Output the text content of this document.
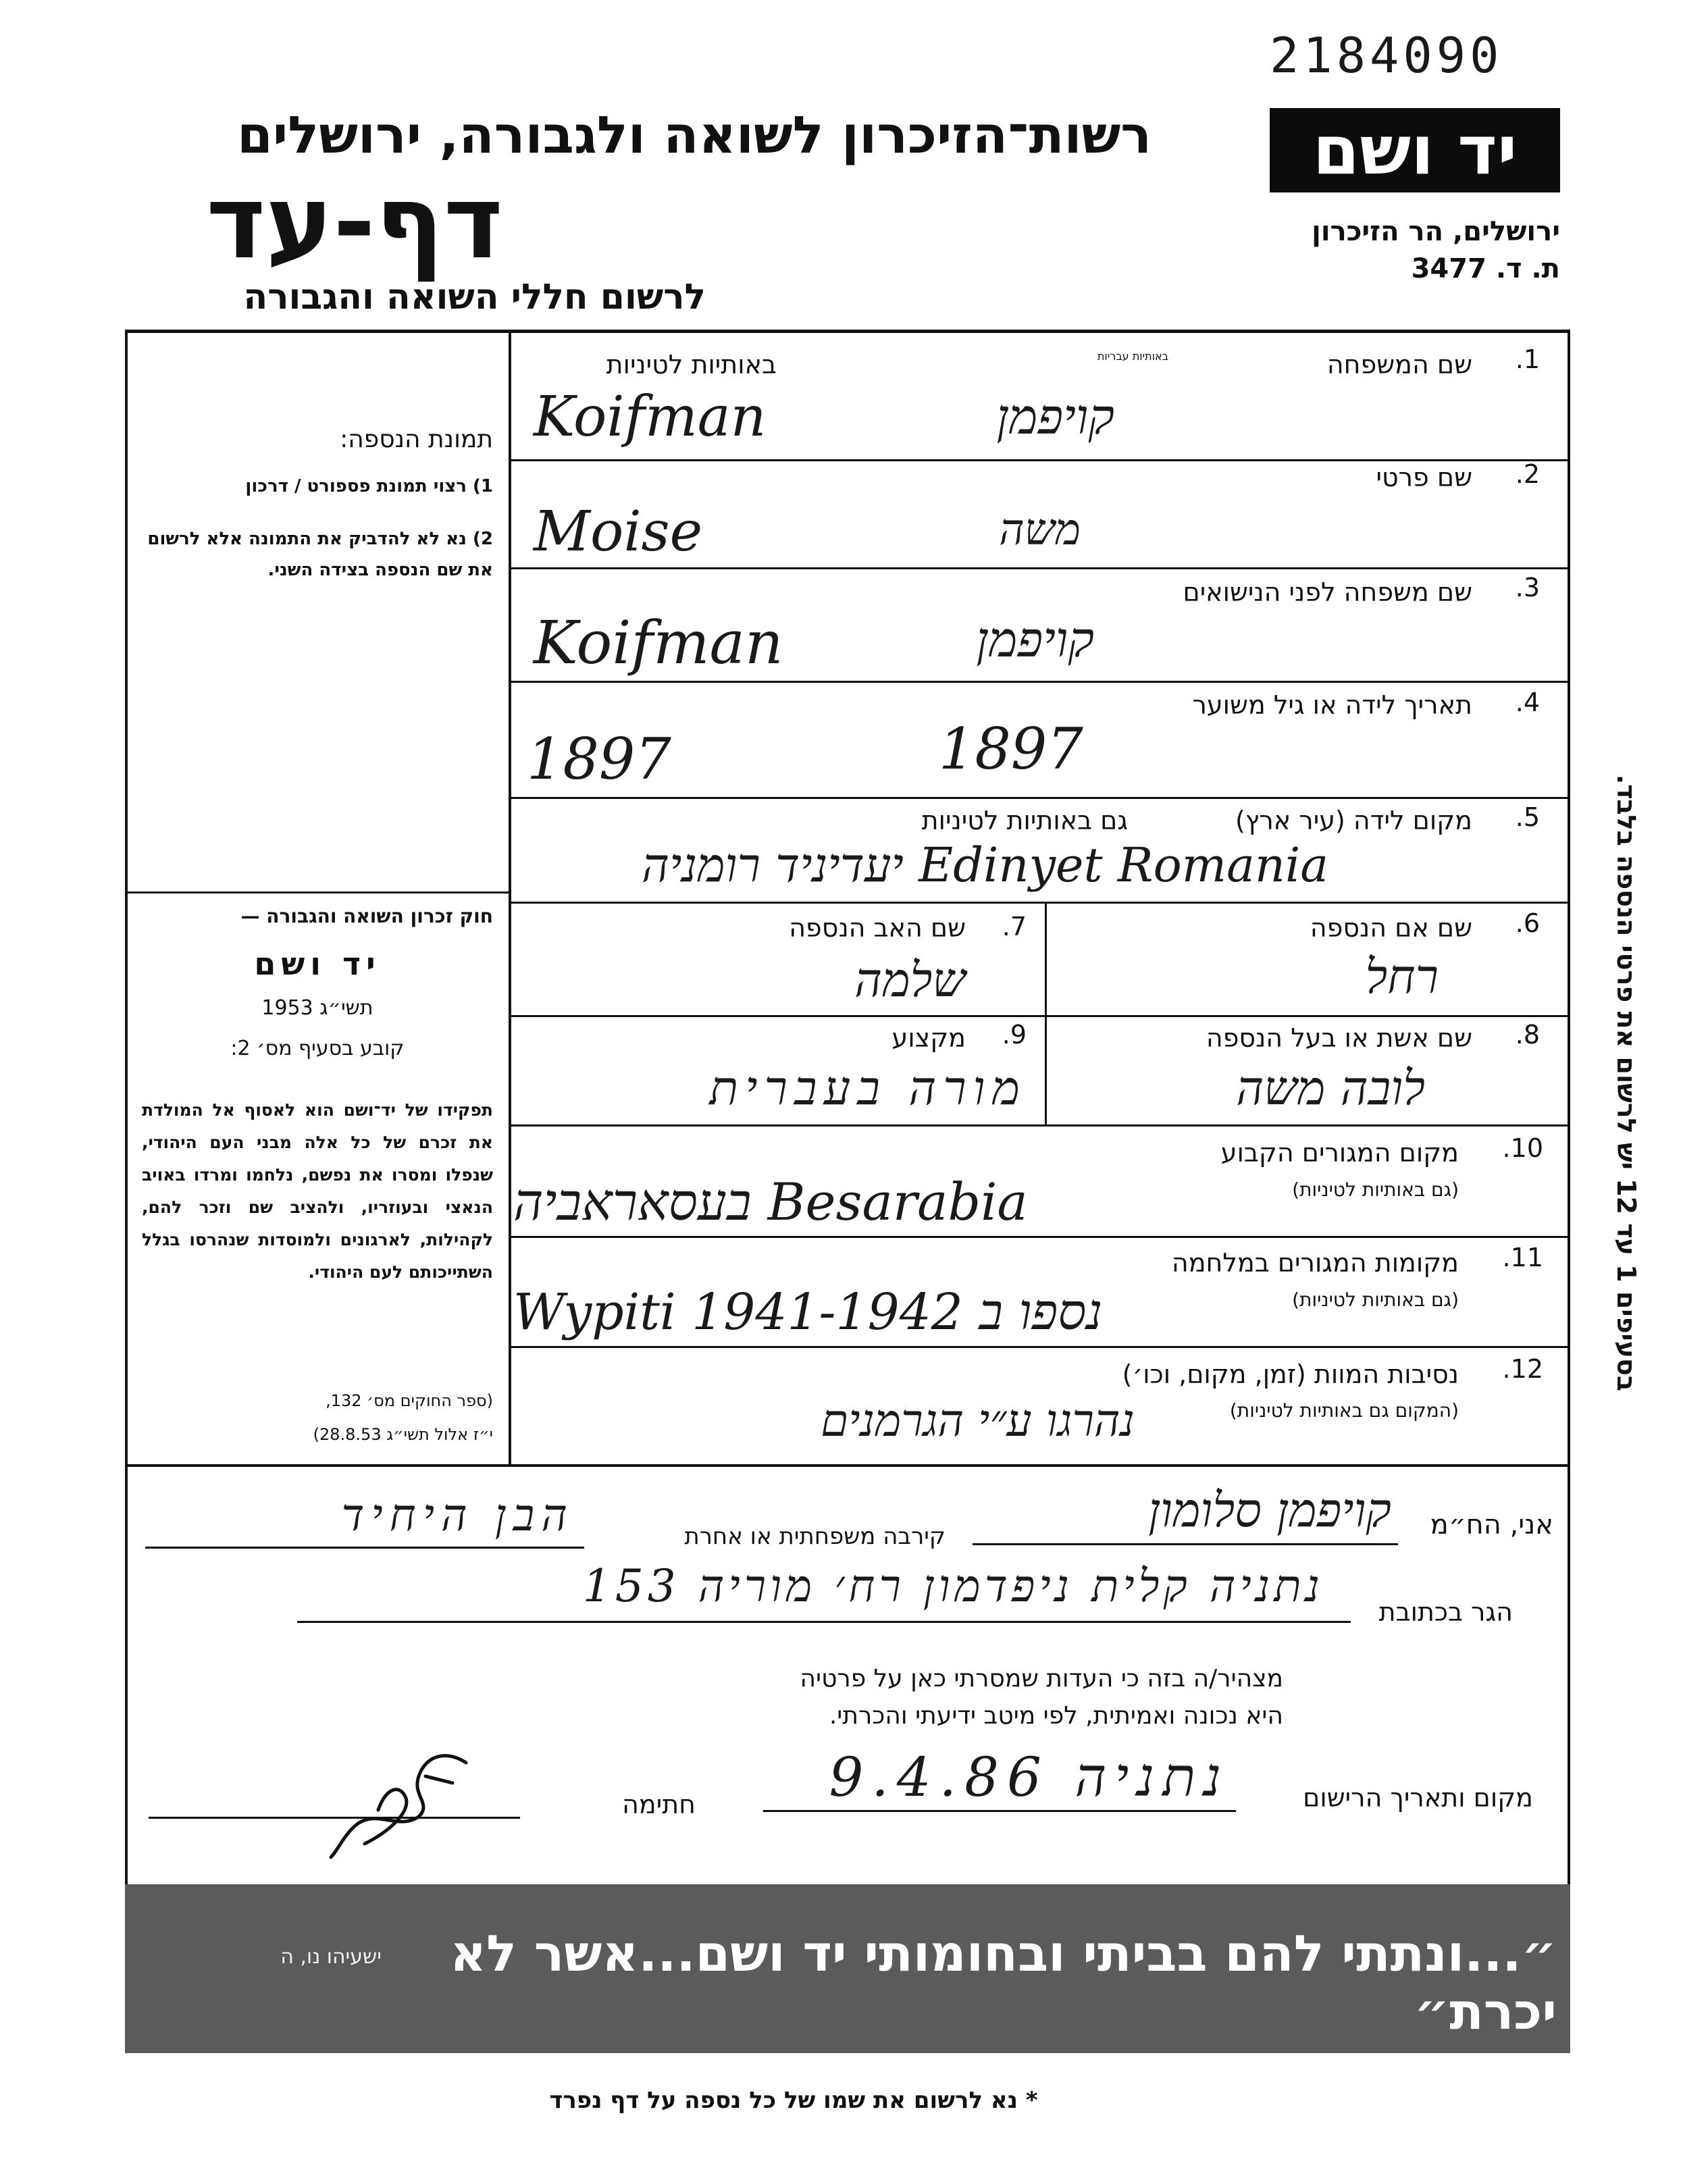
2184090
רשות־הזיכרון לשואה ולגבורה, ירושלים
דף-עד
לרשום חללי השואה והגבורה
יד ושם
ירושלים, הר הזיכרון
ת. ד. 3477
תמונת הנספה:
1) רצוי תמונת פספורט / דרכון
2) נא לא להדביק את התמונה אלא לרשום את שם הנספה בצידה השני.
חוק זכרון השואה והגבורה —
יד ושם
תשי״ג 1953
קובע בסעיף מס׳ 2:
תפקידו של יד־ושם הוא לאסוף אל המולדת את זכרם של כל אלה מבני העם היהודי, שנפלו ומסרו את נפשם, נלחמו ומרדו באויב הנאצי ובעוזריו, ולהציב שם וזכר להם, לקהילות, לארגונים ולמוסדות שנהרסו בגלל השתייכותם לעם היהודי.
(ספר החוקים מס׳ 132,
י״ז אלול תשי״ג 28.8.53)
באותיות עבריות
באותיות לטיניות	1.
שם המשפחה
Koifman	קויפמן
2.
שם פרטי
Moise	משה
3.
שם משפחה לפני הנישואים
Koifman	קויפמן
4.
תאריך לידה או גיל משוער
1897	1897
5.
מקום לידה (עיר ארץ)
גם באותיות לטיניות
יעדיניד רומניה Edinyet Romania
6.
שם אם הנספה
רחל
7.
שם האב הנספה
שלמה
8.
שם אשת או בעל הנספה
לובה משה
9.
מקצוע
מורה בעברית
10.
מקום המגורים הקבוע
(גם באותיות לטיניות)
בעסאראביה Besarabia
11.
מקומות המגורים במלחמה
(גם באותיות לטיניות)
Wypiti 1941-1942 נספו ב
12.
נסיבות המוות (זמן, מקום, וכו׳)
(המקום גם באותיות לטיניות)
נהרגו ע״י הגרמנים
בסעיפים 1 עד 12 יש לרשום את פרטי הנספה בלבד.
אני, הח״מ
קויפמן סלומון
קירבה משפחתית או אחרת
הבן היחיד
הגר בכתובת
נתניה קלית ניפדמון רח׳ מוריה 153
מצהיר/ה בזה כי העדות שמסרתי כאן על פרטיה
היא נכונה ואמיתית, לפי מיטב ידיעתי והכרתי.
מקום ותאריך הרישום
נתניה 9.4.86
חתימה
״...ונתתי להם בביתי ובחומותי יד ושם...אשר לא יכרת״
ישעיהו נו, ה
* נא לרשום את שמו של כל נספה על דף נפרד
